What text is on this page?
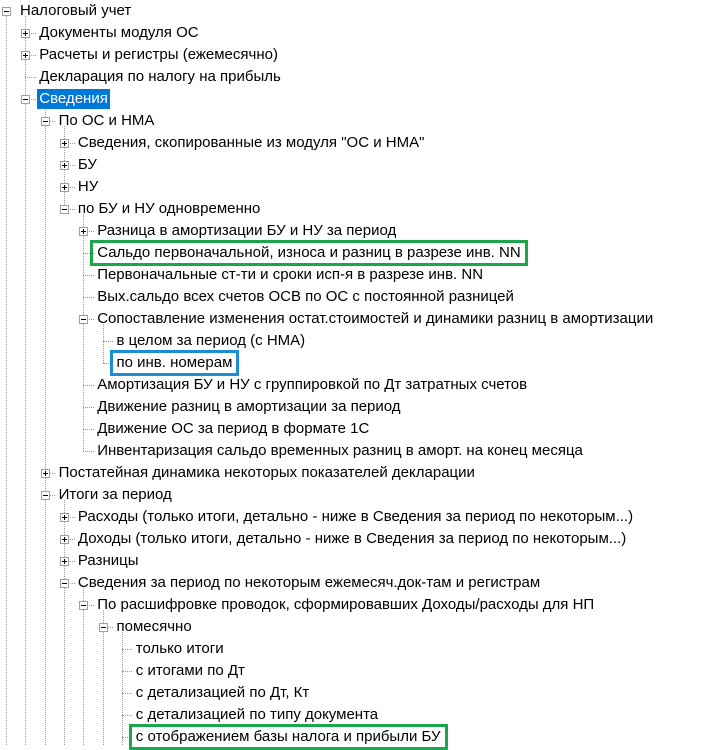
Налоговый учет
Документы модуля ОС
Расчеты и регистры (ежемесячно)
Декларация по налогу на прибыль
Сведения
По ОС и НМА
Сведения, скопированные из модуля "ОС и НМА"
БУ
НУ
по БУ и НУ одновременно
Разница в амортизации БУ и НУ за период
Сальдо первоначальной, износа и разниц в разрезе инв. NN
Первоначальные ст-ти и сроки исп-я в разрезе инв. NN
Вых.сальдо всех счетов ОСВ по ОС с постоянной разницей
Сопоставление изменения остат.стоимостей и динамики разниц в амортизации
в целом за период (с НМА)
по инв. номерам
Амортизация БУ и НУ с группировкой по Дт затратных счетов
Движение разниц в амортизации за период
Движение ОС за период в формате 1С
Инвентаризация сальдо временных разниц в аморт. на конец месяца
Постатейная динамика некоторых показателей декларации
Итоги за период
Расходы (только итоги, детально - ниже в Сведения за период по некоторым...)
Доходы (только итоги, детально - ниже в Сведения за период по некоторым...)
Разницы
Сведения за период по некоторым ежемесяч.док-там и регистрам
По расшифровке проводок, сформировавших Доходы/расходы для НП
помесячно
только итоги
с итогами по Дт
с детализацией по Дт, Кт
с детализацией по типу документа
с отображением базы налога и прибыли БУ
